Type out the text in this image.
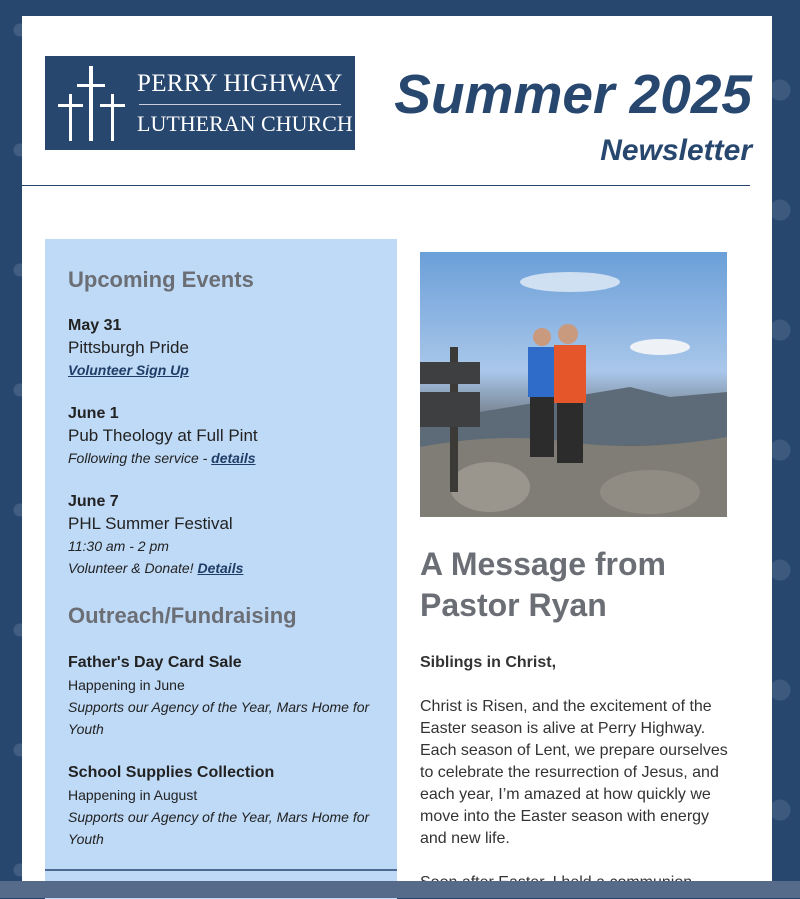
PERRY HIGHWAY
LUTHERAN CHURCH Summer 2025
Newsletter
Upcoming Events
May 31
Pittsburgh Pride
Volunteer Sign Up
June 1
Pub Theology at Full Pint
Following the service - details
June 7
PHL Summer Festival
11:30 am - 2 pm
Volunteer & Donate! Details
Outreach/Fundraising
Father's Day Card Sale
Happening in June
Supports our Agency of the Year, Mars Home for Youth
School Supplies Collection
Happening in August
Supports our Agency of the Year, Mars Home for Youth
A Message from Pastor Ryan

Siblings in Christ,

Christ is Risen, and the excitement of the Easter season is alive at Perry Highway. Each season of Lent, we prepare ourselves to celebrate the resurrection of Jesus, and each year, I’m amazed at how quickly we move into the Easter season with energy and new life.
